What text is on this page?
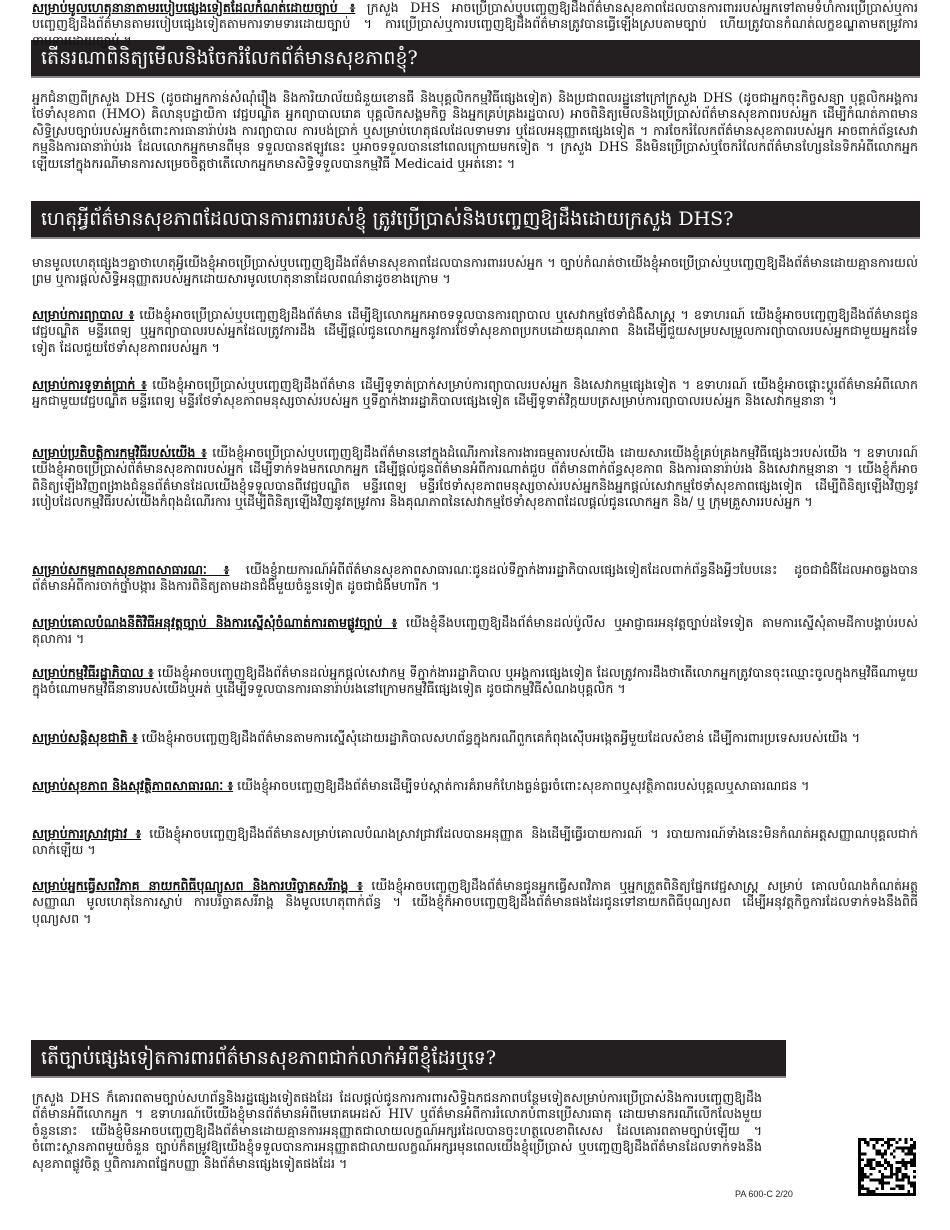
តើនរណាពិនិត្យមើលនិងចែករំលែកព័ត៌មានសុខភាពខ្ញុំ?

អ្នកជំនាញពីក្រសួង DHS (ដូចជាអ្នកកាន់សំណុំរឿង និងការិយាល័យជំនួយខោនធី និងបុគ្គលិកកម្មវិធីផ្សេងទៀត) និងប្រជាពលរដ្ឋនៅក្រៅក្រសួង DHS (ដូចជាអ្នកចុះកិច្ចសន្យា បុគ្គលិកអង្គការថែទាំសុខភាព (HMO) គិលានុបដ្ឋាយិកា វេជ្ជបណ្ឌិត អ្នកព្យាបាលរោគ បុគ្គលិកសង្គមកិច្ច និងអ្នកគ្រប់គ្រងរដ្ឋបាល) អាចពិនិត្យមើលនិងប្រើប្រាស់ព័ត៌មានសុខភាពរបស់អ្នក ដើម្បីកំណត់ភាពមានសិទ្ធិស្របច្បាប់របស់អ្នកចំពោះការធានារ៉ាប់រង ការព្យាបាល ការបង់ប្រាក់ ឬសម្រាប់ហេតុផលដែលទាមទារ ឬដែលអនុញ្ញាតផ្សេងទៀត ។ ការចែករំលែកព័ត៌មានសុខភាពរបស់អ្នក អាចពាក់ព័ន្ធសេវាកម្មនិងការធានារ៉ាប់រង ដែលលោកអ្នកមានពីមុន ទទួលបានឥឡូវនេះ ឬអាចទទួលបាននៅពេលក្រោយមកទៀត ។ ក្រសួង DHS នឹងមិនប្រើប្រាស់ឬចែករំលែកព័ត៌មានហ្សែននៃទិកអំពីលោកអ្នកឡើយនៅក្នុងករណីមានការសម្រេចចិត្តថាតើលោកអ្នកមានសិទ្ធិទទួលបានកម្មវិធី Medicaid ឬអត់នោះ ។

ហេតុអ្វីព័ត៌មានសុខភាពដែលបានការពាររបស់ខ្ញុំ ត្រូវប្រើប្រាស់និងបញ្ចេញឱ្យដឹងដោយក្រសួង DHS?

មានមូលហេតុផ្សេងៗគ្នាថាហេតុអ្វីយើងខ្ញុំអាចប្រើប្រាស់ឬបញ្ចេញឱ្យដឹងព័ត៌មានសុខភាពដែលបានការពាររបស់អ្នក ។ ច្បាប់កំណត់ថាយើងខ្ញុំអាចប្រើប្រាស់ឬបញ្ចេញឱ្យដឹងព័ត៌មានដោយគ្មានការយល់ព្រម ឬការផ្ដល់សិទ្ធិអនុញ្ញាតរបស់អ្នកដោយសារមូលហេតុនានាដែលពណ៌នាដូចខាងក្រោម ។

សម្រាប់ការព្យាបាល ៖ យើងខ្ញុំអាចប្រើប្រាស់ឬបញ្ចេញឱ្យដឹងព័ត៌មាន ដើម្បីឱ្យលោកអ្នកអាចទទួលបានការព្យាបាល ឬសេវាកម្មថែទាំជំងឺសាស្ត្រ ។ ឧទាហរណ៍ យើងខ្ញុំអាចបញ្ចេញឱ្យដឹងព័ត៌មានជូនវេជ្ជបណ្ឌិត មន្ទីរពេទ្យ ឬអ្នកព្យាបាលរបស់អ្នកដែលត្រូវការដឹង ដើម្បីផ្ដល់ជូនលោកអ្នកនូវការថែទាំសុខភាពប្រកបដោយគុណភាព និងដើម្បីជួយសម្របសម្រួលការព្យាបាលរបស់អ្នកជាមួយអ្នកដទៃទៀត ដែលជួយថែទាំសុខភាពរបស់អ្នក ។

សម្រាប់ការទូទាត់ប្រាក់ ៖ យើងខ្ញុំអាចប្រើប្រាស់ឬបញ្ចេញឱ្យដឹងព័ត៌មាន ដើម្បីទូទាត់ប្រាក់សម្រាប់ការព្យាបាលរបស់អ្នក និងសេវាកម្មផ្សេងទៀត ។ ឧទាហរណ៍ យើងខ្ញុំអាចផ្ដោះប្ដូរព័ត៌មានអំពីលោកអ្នកជាមួយវេជ្ជបណ្ឌិត មន្ទីរពេទ្យ មន្ទីរថែទាំសុខភាពមនុស្សចាស់របស់អ្នក ឬទីភ្នាក់ងាររដ្ឋាភិបាលផ្សេងទៀត ដើម្បីទូទាត់វិក្កយបត្រសម្រាប់ការព្យាបាលរបស់អ្នក និងសេវាកម្មនានា ។

សម្រាប់ប្រតិបត្តិការកម្មវិធីរបស់យើង ៖ យើងខ្ញុំអាចប្រើប្រាស់ឬបញ្ចេញឱ្យដឹងព័ត៌មាននៅក្នុងដំណើរការនៃការងារធម្មតារបស់យើង ដោយសារយើងខ្ញុំគ្រប់គ្រងកម្មវិធីផ្សេងៗរបស់យើង ។ ឧទាហរណ៍ យើងខ្ញុំអាចប្រើប្រាស់ព័ត៌មានសុខភាពរបស់អ្នក ដើម្បីទាក់ទងមកលោកអ្នក ដើម្បីផ្ដល់ជូនព័ត៌មានអំពីការណាត់ជួប ព័ត៌មានពាក់ព័ន្ធសុខភាព និងការធានារ៉ាប់រង និងសេវាកម្មនានា ។ យើងខ្ញុំក៏អាចពិនិត្យឡើងវិញពង្រាងជំនួនព័ត៌មានដែលយើងខ្ញុំទទួលបានពីវេជ្ជបណ្ឌិត មន្ទីរពេទ្យ មន្ទីរថែទាំសុខភាពមនុស្សចាស់របស់អ្នកនិងអ្នកផ្ដល់សេវាកម្មថែទាំសុខភាពផ្សេងទៀត ដើម្បីពិនិត្យឡើងវិញនូវរបៀបដែលកម្មវិធីរបស់យើងកំពុងដំណើរការ ឬដើម្បីពិនិត្យឡើងវិញនូវតម្រូវការ និងគុណភាពនៃសេវាកម្មថែទាំសុខភាពដែលផ្ដល់ជូនលោកអ្នក និង/ ឬ ក្រុមគ្រួសាររបស់អ្នក ។

សម្រាប់សកម្មភាពសុខភាពសាធារណៈ ៖ យើងខ្ញុំរាយការណ៍អំពីព័ត៌មានសុខភាពសាធារណៈជូនដល់ទីភ្នាក់ងាររដ្ឋាភិបាលផ្សេងទៀតដែលពាក់ព័ន្ធនឹងអ្វីៗបែបនេះ ដូចជាជំងឺដែលអាចឆ្លងបាន ព័ត៌មានអំពីការចាក់ថ្នាំបង្ការ និងការពិនិត្យតាមដានជំងឺមួយចំនួនទៀត ដូចជាជំងឺមហារីក ។

សម្រាប់គោលបំណងនីតិវិធីអនុវត្តច្បាប់ និងការស្នើសុំចំណាត់ការតាមផ្លូវច្បាប់ ៖ យើងខ្ញុំនឹងបញ្ចេញឱ្យដឹងព័ត៌មានដល់ប៉ូលីស ឬអាជ្ញាធរអនុវត្តច្បាប់ដទៃទៀត តាមការស្នើសុំតាមដីកាបង្គាប់របស់តុលាការ ។

សម្រាប់កម្មវិធីរដ្ឋាភិបាល ៖ យើងខ្ញុំអាចបញ្ចេញឱ្យដឹងព័ត៌មានដល់អ្នកផ្ដល់សេវាកម្ម ទីភ្នាក់ងាររដ្ឋាភិបាល ឬអង្គការផ្សេងទៀត ដែលត្រូវការដឹងថាតើលោកអ្នកត្រូវបានចុះឈ្មោះចូលក្នុងកម្មវិធីណាមួយក្នុងចំណោមកម្មវិធីនានារបស់យើងឬអត់ ឬដើម្បីទទួលបានការធានារ៉ាប់រងនៅក្រោមកម្មវិធីផ្សេងទៀត ដូចជាកម្មវិធីសំណងបុគ្គលិក ។

សម្រាប់សន្តិសុខជាតិ ៖ យើងខ្ញុំអាចបញ្ចេញឱ្យដឹងព័ត៌មានតាមការស្នើសុំដោយរដ្ឋាភិបាលសហព័ន្ធក្នុងករណីពួកគេកំពុងស៊ើបអង្កេតអ្វីមួយដែលសំខាន់ ដើម្បីការពារប្រទេសរបស់យើង ។

សម្រាប់សុខភាព និងសុវត្ថិភាពសាធារណៈ ៖ យើងខ្ញុំអាចបញ្ចេញឱ្យដឹងព័ត៌មានដើម្បីទប់ស្កាត់ការគំរាមកំហែងធ្ងន់ធ្ងរចំពោះសុខភាពឬសុវត្ថិភាពរបស់បុគ្គលឬសាធារណជន ។

សម្រាប់ការស្រាវជ្រាវ ៖ យើងខ្ញុំអាចបញ្ចេញឱ្យដឹងព័ត៌មានសម្រាប់គោលបំណងស្រាវជ្រាវដែលបានអនុញ្ញាត និងដើម្បីធ្វើរបាយការណ៍ ។ របាយការណ៍ទាំងនេះមិនកំណត់អត្តសញ្ញាណបុគ្គលជាក់លាក់ឡើយ ។

សម្រាប់អ្នកធ្វើសពវិភាគ នាយកពិធីបុណ្យសព និងការបរិច្ចាគសរីរាង្គ ៖ យើងខ្ញុំអាចបញ្ចេញឱ្យដឹងព័ត៌មានជូនអ្នកធ្វើសពវិភាគ ឬអ្នកត្រួតពិនិត្យផ្នែកវេជ្ជសាស្ត្រ សម្រាប់ គោលបំណងកំណត់អត្តសញ្ញាណ មូលហេតុនៃការស្លាប់ ការបរិច្ចាគសរីរាង្គ និងមូលហេតុពាក់ព័ន្ធ ។ យើងខ្ញុំក៏អាចបញ្ចេញឱ្យដឹងព័ត៌មានផងដែរជូនទៅនាយកពិធីបុណ្យសព ដើម្បីអនុវត្តកិច្ចការដែលទាក់ទងនឹងពិធីបុណ្យសព ។

សម្រាប់មូលហេតុនានាតាមរបៀបផ្សេងទៀតដែលកំណត់ដោយច្បាប់ ៖ ក្រសួង DHS អាចប្រើប្រាស់ឬបញ្ចេញឱ្យដឹងព័ត៌មានសុខភាពដែលបានការពាររបស់អ្នកទៅតាមទំហំការប្រើប្រាស់ឬការបញ្ចេញឱ្យដឹងព័ត៌មានតាមរបៀបផ្សេងទៀតតាមការទាមទារដោយច្បាប់ ។ ការប្រើប្រាស់ឬការបញ្ចេញឱ្យដឹងព័ត៌មានត្រូវបានធ្វើឡើងស្របតាមច្បាប់ ហើយត្រូវបានកំណត់លក្ខខណ្ឌតាមតម្រូវការទាមទារដោយច្បាប់ ។

តើច្បាប់ផ្សេងទៀតការពារព័ត៌មានសុខភាពជាក់លាក់អំពីខ្ញុំដែរឬទេ?

ក្រសួង DHS ក៏គោរពតាមច្បាប់សហព័ន្ធនិងរដ្ឋផ្សេងទៀតផងដែរ ដែលផ្ដល់ជូនការការពារសិទ្ធិឯកជនភាពបន្ថែមទៀតសម្រាប់ការប្រើប្រាស់និងការបញ្ចេញឱ្យដឹងព័ត៌មានអំពីលោកអ្នក ។ ឧទាហរណ៍បើយើងខ្ញុំមានព័ត៌មានអំពីមេរោគអេដស៍ HIV ឬព័ត៌មានអំពីការរំលោភបំពានប្រើសារធាតុ ដោយមានករណីលើកលែងមួយចំនួននោះ យើងខ្ញុំមិនអាចបញ្ចេញឱ្យដឹងព័ត៌មានដោយគ្មានការអនុញ្ញាតជាលាយលក្ខណ៍អក្សរដែលបានចុះហត្ថលេខាពិសេស ដែលគោរពតាមច្បាប់ឡើយ ។ ចំពោះស្ថានភាពមួយចំនួន ច្បាប់ក៏តម្រូវឱ្យយើងខ្ញុំទទួលបានការអនុញ្ញាតជាលាយលក្ខណ៍អក្សរមុនពេលយើងខ្ញុំប្រើប្រាស់ ឬបញ្ចេញឱ្យដឹងព័ត៌មានដែលទាក់ទងនឹងសុខភាពផ្លូវចិត្ត ឬពិការភាពផ្នែកបញ្ញា និងព័ត៌មានផ្សេងទៀតផងដែរ ។

PA 600-C 2/20
